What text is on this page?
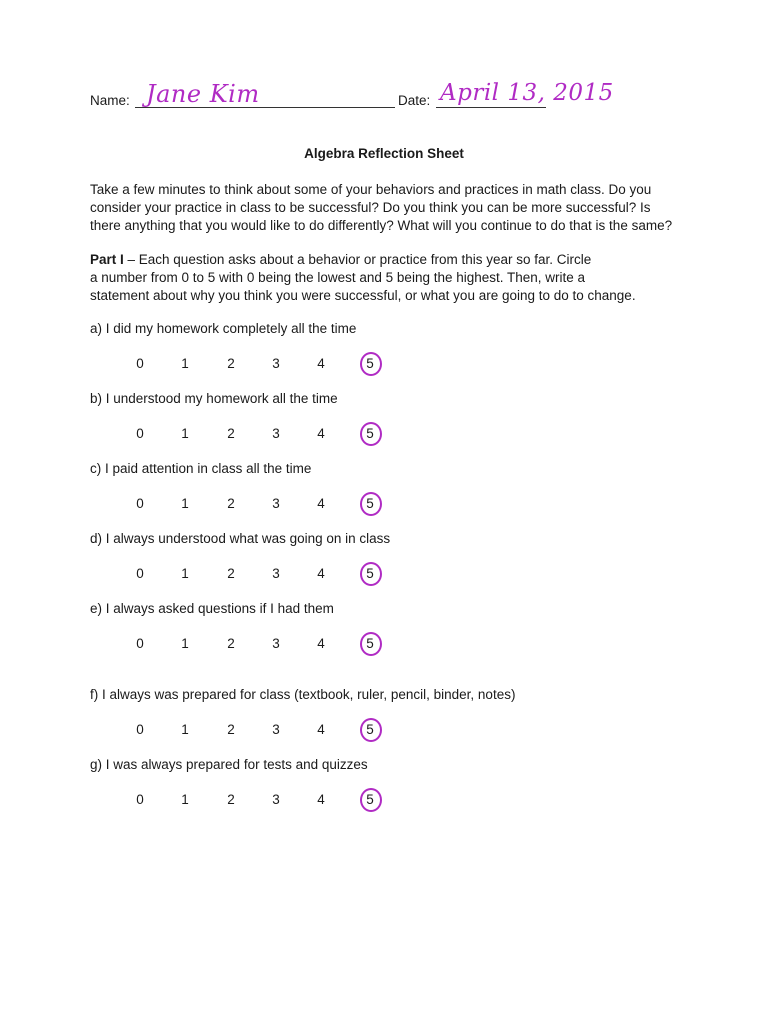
Name: Jane Kim	Date: April 13, 2015
Algebra Reflection Sheet
Take a few minutes to think about some of your behaviors and practices in math class. Do you
consider your practice in class to be successful? Do you think you can be more successful? Is
there anything that you would like to do differently? What will you continue to do that is the same?
Part I – Each question asks about a behavior or practice from this year so far. Circle
a number from 0 to 5 with 0 being the lowest and 5 being the highest. Then, write a
statement about why you think you were successful, or what you are going to do to change.
a) I did my homework completely all the time
0	1	2	3	4	5
b) I understood my homework all the time
0	1	2	3	4	5
c) I paid attention in class all the time
0	1	2	3	4	5
d) I always understood what was going on in class
0	1	2	3	4	5
e) I always asked questions if I had them
0	1	2	3	4	5
f) I always was prepared for class (textbook, ruler, pencil, binder, notes)
0	1	2	3	4	5
g) I was always prepared for tests and quizzes
0	1	2	3	4	5
